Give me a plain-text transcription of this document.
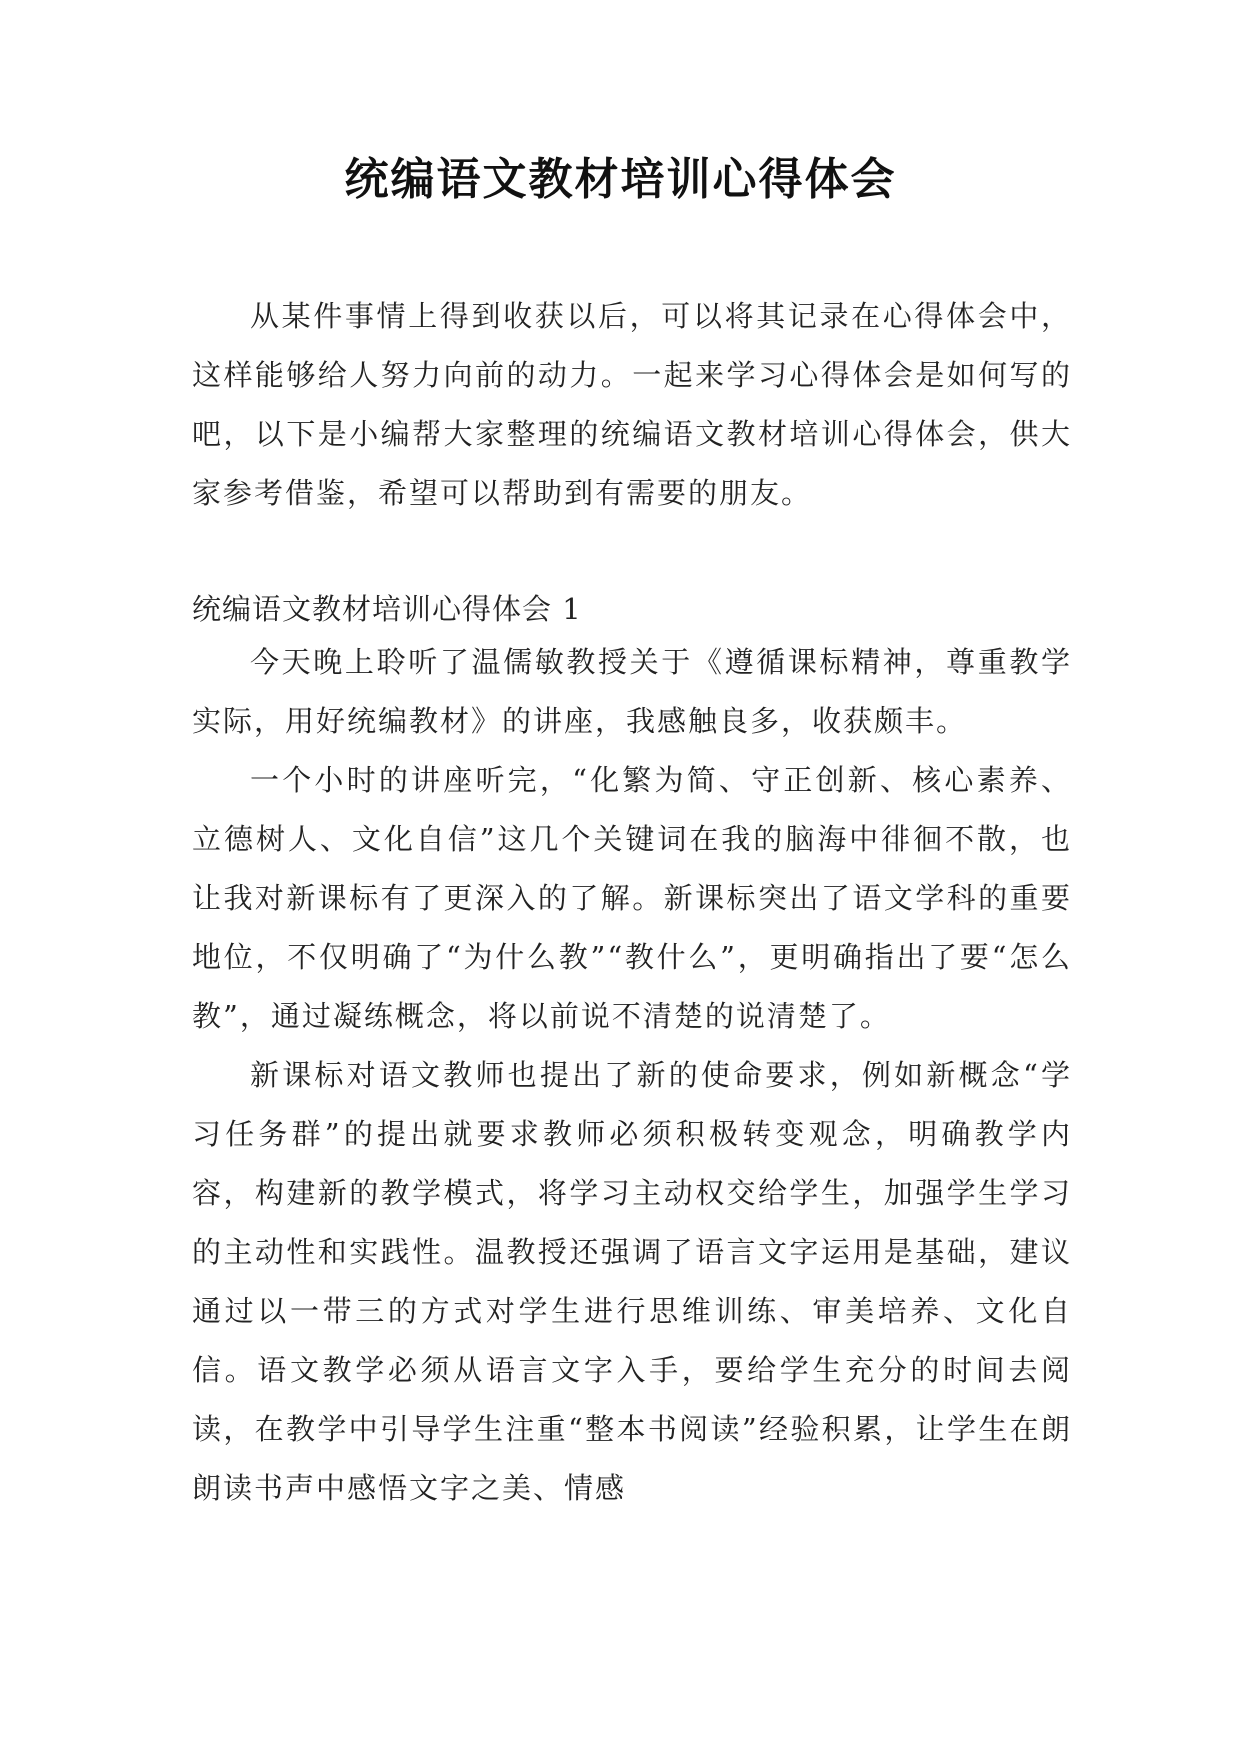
统编语文教材培训心得体会

从某件事情上得到收获以后，可以将其记录在心得体会中，这样能够给人努力向前的动力。一起来学习心得体会是如何写的吧，以下是小编帮大家整理的统编语文教材培训心得体会，供大家参考借鉴，希望可以帮助到有需要的朋友。

统编语文教材培训心得体会 1

今天晚上聆听了温儒敏教授关于《遵循课标精神，尊重教学实际，用好统编教材》的讲座，我感触良多，收获颇丰。

一个小时的讲座听完，“化繁为简、守正创新、核心素养、立德树人、文化自信”这几个关键词在我的脑海中徘徊不散，也让我对新课标有了更深入的了解。新课标突出了语文学科的重要地位，不仅明确了“为什么教”“教什么”，更明确指出了要“怎么教”，通过凝练概念，将以前说不清楚的说清楚了。

新课标对语文教师也提出了新的使命要求，例如新概念“学习任务群”的提出就要求教师必须积极转变观念，明确教学内容，构建新的教学模式，将学习主动权交给学生，加强学生学习的主动性和实践性。温教授还强调了语言文字运用是基础，建议通过以一带三的方式对学生进行思维训练、审美培养、文化自信。语文教学必须从语言文字入手，要给学生充分的时间去阅读，在教学中引导学生注重“整本书阅读”经验积累，让学生在朗朗读书声中感悟文字之美、情感
